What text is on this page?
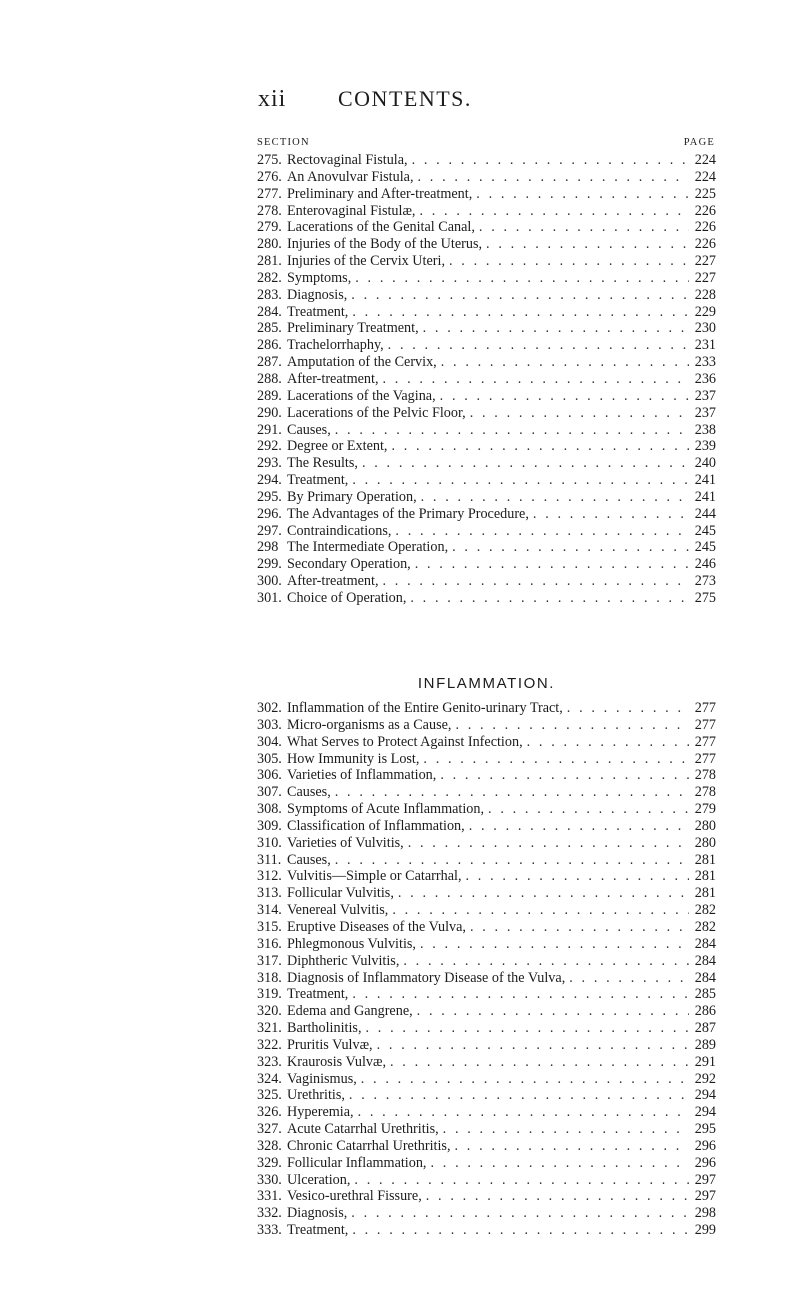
xii CONTENTS.
SECTION	PAGE
275. Rectovaginal Fistula, . . .	224
276. An Anovulvar Fistula, . . .	224
277. Preliminary and After-treatment, . . .	225
278. Enterovaginal Fistulæ, . . .	226
279. Lacerations of the Genital Canal, . . .	226
280. Injuries of the Body of the Uterus, . . .	226
281. Injuries of the Cervix Uteri, . . .	227
282. Symptoms, . . .	227
283. Diagnosis, . . .	228
284. Treatment, . . .	229
285. Preliminary Treatment, . . .	230
286. Trachelorrhaphy, . . .	231
287. Amputation of the Cervix, . . .	233
288. After-treatment, . . .	236
289. Lacerations of the Vagina, . . .	237
290. Lacerations of the Pelvic Floor, . . .	237
291. Causes, . . .	238
292. Degree or Extent, . . .	239
293. The Results, . . .	240
294. Treatment, . . .	241
295. By Primary Operation, . . .	241
296. The Advantages of the Primary Procedure, . . .	244
297. Contraindications, . . .	245
298 The Intermediate Operation, . . .	245
299. Secondary Operation, . . .	246
300. After-treatment, . . .	273
301. Choice of Operation, . . .	275
INFLAMMATION.
302. Inflammation of the Entire Genito-urinary Tract, . . .	277
303. Micro-organisms as a Cause, . . .	277
304. What Serves to Protect Against Infection, . . .	277
305. How Immunity is Lost, . . .	277
306. Varieties of Inflammation, . . .	278
307. Causes, . . .	278
308. Symptoms of Acute Inflammation, . . .	279
309. Classification of Inflammation, . . .	280
310. Varieties of Vulvitis, . . .	280
311. Causes, . . .	281
312. Vulvitis—Simple or Catarrhal, . . .	281
313. Follicular Vulvitis, . . .	281
314. Venereal Vulvitis, . . .	282
315. Eruptive Diseases of the Vulva, . . .	282
316. Phlegmonous Vulvitis, . . .	284
317. Diphtheric Vulvitis, . . .	284
318. Diagnosis of Inflammatory Disease of the Vulva, . . .	284
319. Treatment, . . .	285
320. Edema and Gangrene, . . .	286
321. Bartholinitis, . . .	287
322. Pruritis Vulvæ, . . .	289
323. Kraurosis Vulvæ, . . .	291
324. Vaginismus, . . .	292
325. Urethritis, . . .	294
326. Hyperemia, . . .	294
327. Acute Catarrhal Urethritis, . . .	295
328. Chronic Catarrhal Urethritis, . . .	296
329. Follicular Inflammation, . . .	296
330. Ulceration, . . .	297
331. Vesico-urethral Fissure, . . .	297
332. Diagnosis, . . .	298
333. Treatment, . . .	299
